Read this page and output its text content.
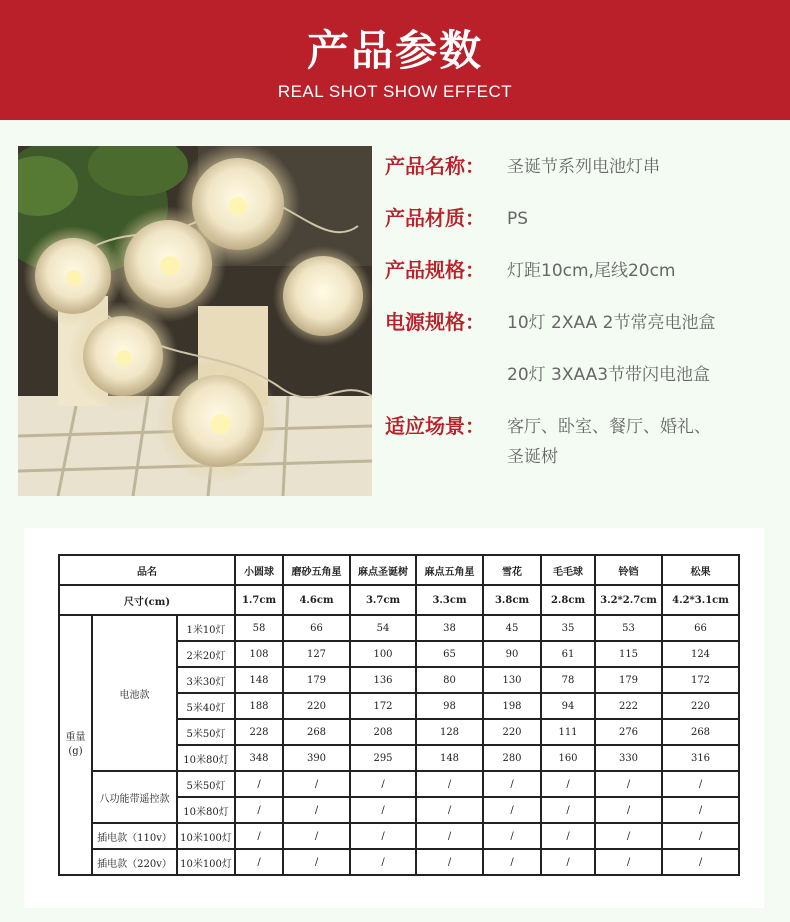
产品参数
REAL SHOT SHOW EFFECT
产品名称： 圣诞节系列电池灯串
产品材质： PS
产品规格： 灯距10cm,尾线20cm
电源规格： 10灯 2XAA 2节常亮电池盒
20灯 3XAA3节带闪电池盒
适应场景： 客厅、卧室、餐厅、婚礼、圣诞树
品名			小圆球	磨砂五角星	麻点圣诞树	麻点五角星	雪花	毛毛球	铃铛	松果
尺寸(cm)			1.7cm	4.6cm	3.7cm	3.3cm	3.8cm	2.8cm	3.2*2.7cm	4.2*3.1cm

重量(g)	电池款	1米10灯	58	66	54	38	45	35	53	66
		2米20灯	108	127	100	65	90	61	115	124
		3米30灯	148	179	136	80	130	78	179	172
		5米40灯	188	220	172	98	198	94	222	220
		5米50灯	228	268	208	128	220	111	276	268
		10米80灯	348	390	295	148	280	160	330	316
	八功能带遥控款	5米50灯	/	/	/	/	/	/	/	/
		10米80灯	/	/	/	/	/	/	/	/
	插电款（110v）	10米100灯	/	/	/	/	/	/	/	/
	插电款（220v）	10米100灯	/	/	/	/	/	/	/	/
